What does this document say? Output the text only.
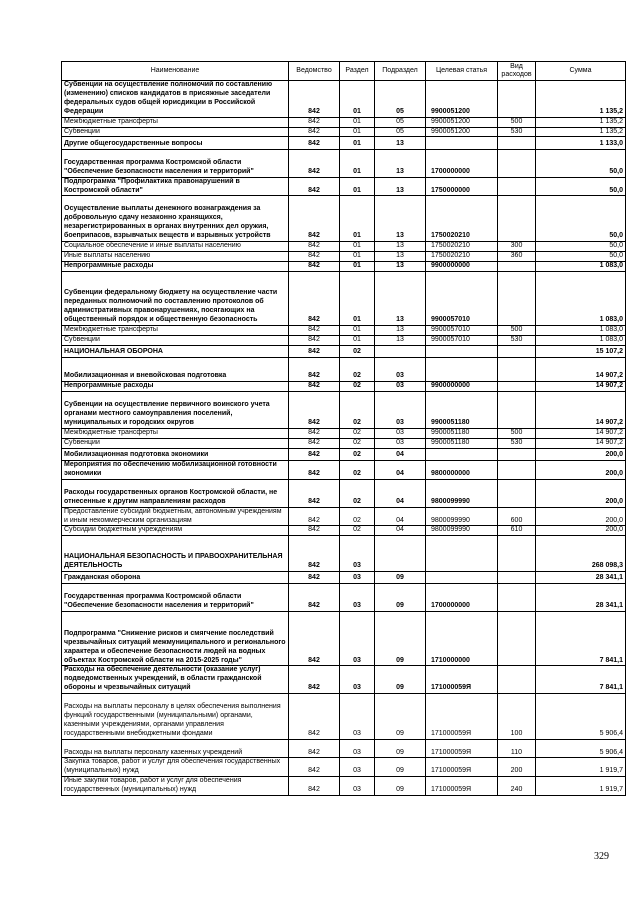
Наименование	Ведомство	Раздел	Подраздел	Целевая статья	Вид расходов	Сумма
Субвенции на осуществление полномочий по составлению (изменению) списков кандидатов в присяжные заседатели федеральных судов общей юрисдикции в Российской Федерации	842	01	05	9900051200		1 135,2
Межбюджетные трансферты	842	01	05	9900051200	500	1 135,2
Субвенции	842	01	05	9900051200	530	1 135,2
Другие общегосударственные вопросы	842	01	13			1 133,0
Государственная программа Костромской области "Обеспечение безопасности населения и территорий"	842	01	13	1700000000		50,0
Подпрограмма "Профилактика правонарушений в Костромской области"	842	01	13	1750000000		50,0
Осуществление выплаты денежного вознаграждения за добровольную сдачу незаконно хранящихся, незарегистрированных в органах внутренних дел оружия, боеприпасов, взрывчатых веществ и взрывных устройств	842	01	13	1750020210		50,0
Социальное обеспечение и иные выплаты населению	842	01	13	1750020210	300	50,0
Иные выплаты населению	842	01	13	1750020210	360	50,0
Непрограммные расходы	842	01	13	9900000000		1 083,0
Субвенции федеральному бюджету на осуществление части переданных полномочий по составлению протоколов об административных правонарушениях, посягающих на общественный порядок и общественную безопасность	842	01	13	9900057010		1 083,0
Межбюджетные трансферты	842	01	13	9900057010	500	1 083,0
Субвенции	842	01	13	9900057010	530	1 083,0
НАЦИОНАЛЬНАЯ ОБОРОНА	842	02				15 107,2
Мобилизационная и вневойсковая подготовка	842	02	03			14 907,2
Непрограммные расходы	842	02	03	9900000000		14 907,2
Субвенции на осуществление первичного воинского учета органами местного самоуправления поселений, муниципальных и городских округов	842	02	03	9900051180		14 907,2
Межбюджетные трансферты	842	02	03	9900051180	500	14 907,2
Субвенции	842	02	03	9900051180	530	14 907,2
Мобилизационная подготовка экономики	842	02	04			200,0
Мероприятия по обеспечению мобилизационной готовности экономики	842	02	04	9800000000		200,0
Расходы государственных органов Костромской области, не отнесенные к другим направлениям расходов	842	02	04	9800099990		200,0
Предоставление субсидий бюджетным, автономным учреждениям и иным некоммерческим организациям	842	02	04	9800099990	600	200,0
Субсидии бюджетным учреждениям	842	02	04	9800099990	610	200,0
НАЦИОНАЛЬНАЯ БЕЗОПАСНОСТЬ И ПРАВООХРАНИТЕЛЬНАЯ ДЕЯТЕЛЬНОСТЬ	842	03				268 098,3
Гражданская оборона	842	03	09			28 341,1
Государственная программа Костромской области "Обеспечение безопасности населения и территорий"	842	03	09	1700000000		28 341,1
Подпрограмма "Снижение рисков и смягчение последствий чрезвычайных ситуаций межмуниципального и регионального характера и обеспечение безопасности людей на водных объектах Костромской области на 2015-2025 годы"	842	03	09	1710000000		7 841,1
Расходы на обеспечение деятельности (оказание услуг) подведомственных учреждений, в области гражданской обороны и чрезвычайных ситуаций	842	03	09	171000059Я		7 841,1
Расходы на выплаты персоналу в целях обеспечения выполнения функций государственными (муниципальными) органами, казенными учреждениями, органами управления государственными внебюджетными фондами	842	03	09	171000059Я	100	5 906,4
Расходы на выплаты персоналу казенных учреждений	842	03	09	171000059Я	110	5 906,4
Закупка товаров, работ и услуг для обеспечения государственных (муниципальных) нужд	842	03	09	171000059Я	200	1 919,7
Иные закупки товаров, работ и услуг для обеспечения государственных (муниципальных) нужд	842	03	09	171000059Я	240	1 919,7
329
